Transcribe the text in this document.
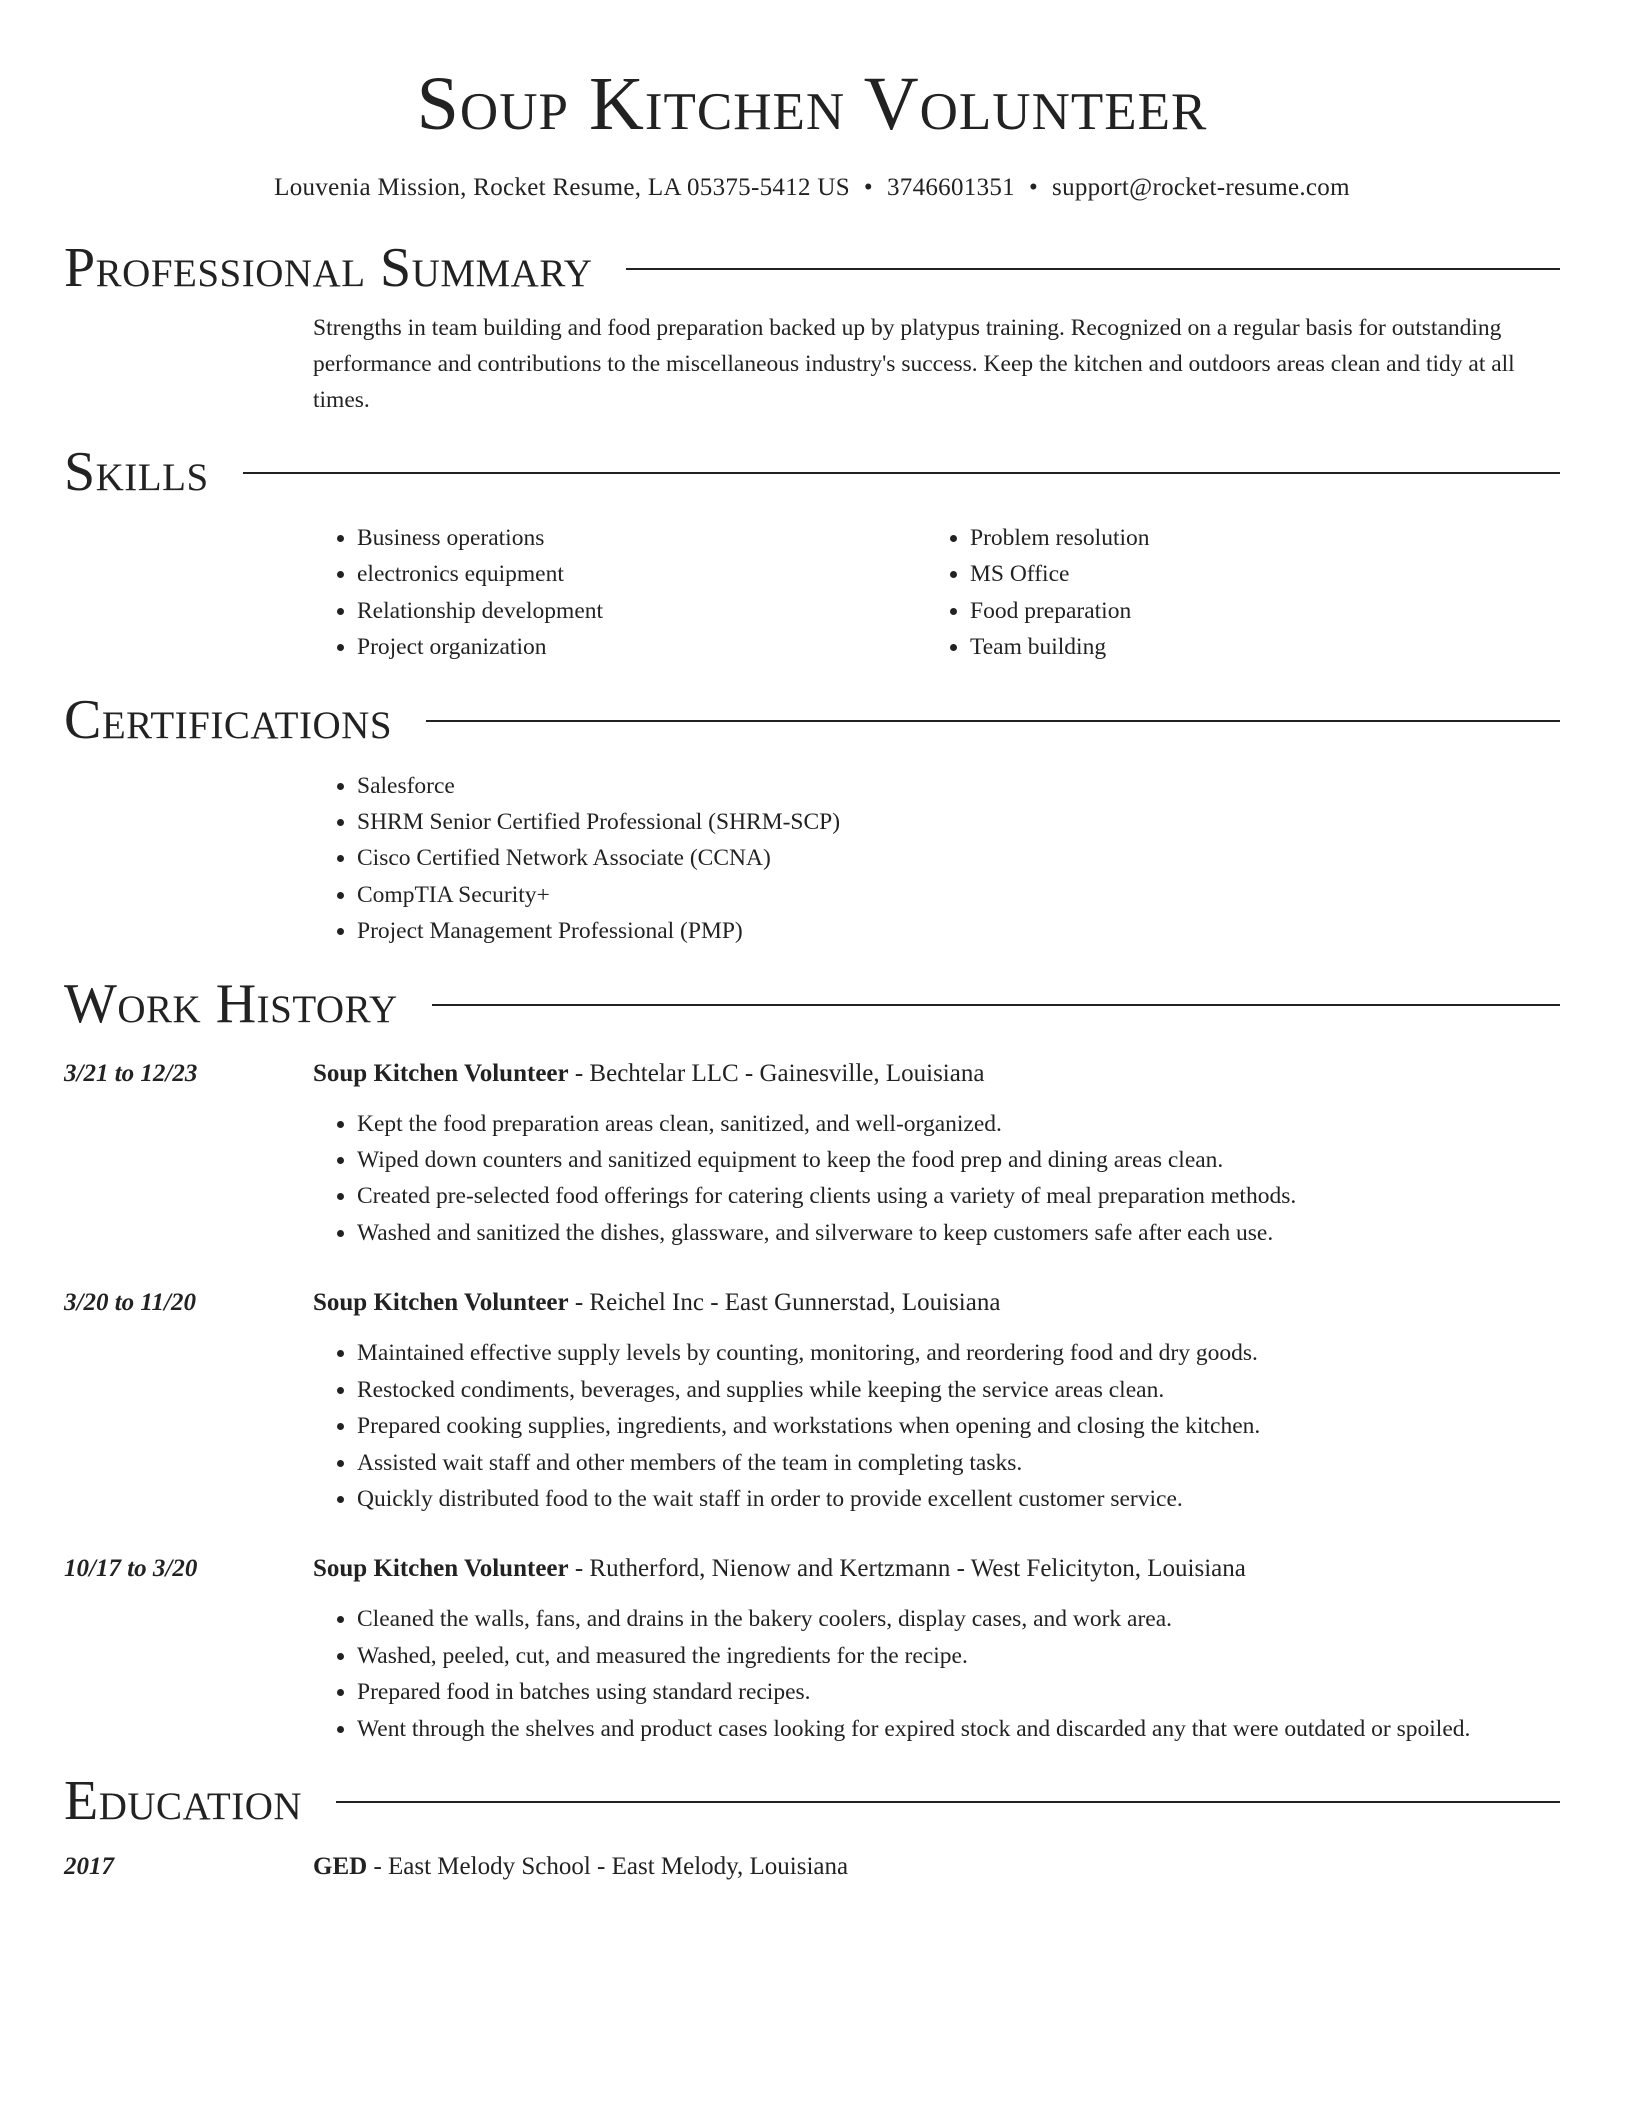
Soup Kitchen Volunteer
Louvenia Mission, Rocket Resume, LA 05375-5412 US • 3746601351 • support@rocket-resume.com
Professional Summary

Strengths in team building and food preparation backed up by platypus training. Recognized on a regular basis for outstanding performance and contributions to the miscellaneous industry's success. Keep the kitchen and outdoors areas clean and tidy at all times.

Skills
• Business operations
• electronics equipment
• Relationship development
• Project organization
• Problem resolution
• MS Office
• Food preparation
• Team building
Certifications
• Salesforce
• SHRM Senior Certified Professional (SHRM-SCP)
• Cisco Certified Network Associate (CCNA)
• CompTIA Security+
• Project Management Professional (PMP)
Work History
3/21 to 12/23	Soup Kitchen Volunteer - Bechtelar LLC - Gainesville, Louisiana
• Kept the food preparation areas clean, sanitized, and well-organized.
• Wiped down counters and sanitized equipment to keep the food prep and dining areas clean.
• Created pre-selected food offerings for catering clients using a variety of meal preparation methods.
• Washed and sanitized the dishes, glassware, and silverware to keep customers safe after each use.
3/20 to 11/20	Soup Kitchen Volunteer - Reichel Inc - East Gunnerstad, Louisiana
• Maintained effective supply levels by counting, monitoring, and reordering food and dry goods.
• Restocked condiments, beverages, and supplies while keeping the service areas clean.
• Prepared cooking supplies, ingredients, and workstations when opening and closing the kitchen.
• Assisted wait staff and other members of the team in completing tasks.
• Quickly distributed food to the wait staff in order to provide excellent customer service.
10/17 to 3/20	Soup Kitchen Volunteer - Rutherford, Nienow and Kertzmann - West Felicityton, Louisiana
• Cleaned the walls, fans, and drains in the bakery coolers, display cases, and work area.
• Washed, peeled, cut, and measured the ingredients for the recipe.
• Prepared food in batches using standard recipes.
• Went through the shelves and product cases looking for expired stock and discarded any that were outdated or spoiled.
Education
2017	GED - East Melody School - East Melody, Louisiana
